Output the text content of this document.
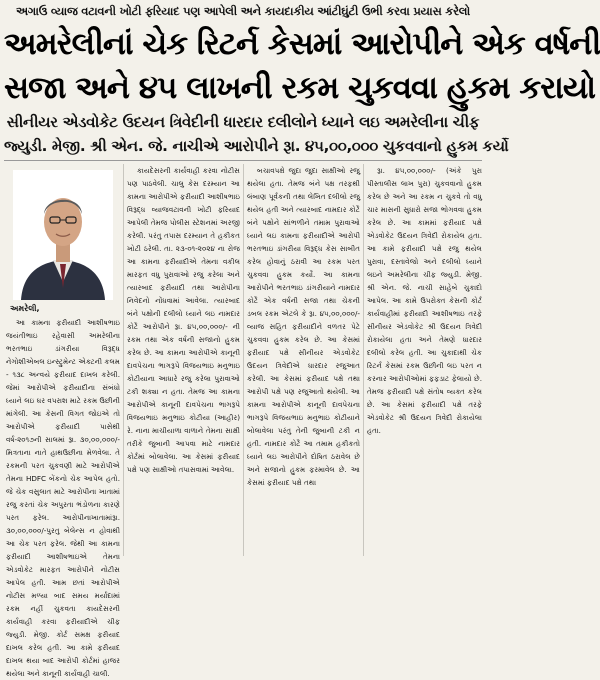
અગાઉ વ્યાજ વટાવની ખોટી ફરિયાદ પણ આપેલી અને કાયદાકીય આંટીઘુંટી ઉભી કરવા પ્રયાસ કરેલો
અમરેલીનાં ચેક રિટર્ન કેસમાં આરોપીને એક વર્ષની
સજા અને ૪૫ લાખની રકમ ચુકવવા હુકમ કરાયો
સીનીયર એડવોકેટ ઉદયન ત્રિવેદીની ધારદાર દલીલોને ધ્યાને લઇ અમરેલીના ચીફ
જ્યુડી. મેજી. શ્રી એન. જે. નાચીએ આરોપીને રૂા. ૪૫,૦૦,૦૦૦ ચુકવવાનો હુકમ કર્યો
અમરેલી,

આ કામના ફરીયાદી આશીષભાઇ જયંતીભાઇ રહેવાસી અમરેલીના ભરતભાઇ ડાંગરીયા વિરૂદ્ધ નેગોશીએબલ ઇન્સ્ટ્રુમેન્ટ એક્ટની કલમ - ૧૩૮ અન્વયે ફરીયાદ દાખલ કરેલી. જેમાં આરોપીએ ફરીયાદીના સંબંધો ધ્યાને લઇ ઘર વપરાશ માટે રકમ ઉછીની માંગેલી. આ કેસની વિગત જોઇએ તો આરોપીએ ફરીયાદી પાસેથી વર્ષ-૨૦૧૭ની સાલમાં રૂા. ૩૦,૦૦,૦૦૦/- મિત્રતાના નાતે હાથઉછીના મેળવેલા. તે રકમની પરત ચુકવણી માટે આરોપીએ તેમના HDFC બેંકનો ચેક આપેલ હતો. જે ચેક વસુલાત માટે આરોપીના ખાતામાં રજુ કરતાં ચેક અપુરતા ભંડોળના કારણે પરત ફરેલ. આરોપીનાખાતામાંરૂા. ૩૦,૦૦,૦૦૦/-પુરતુ બેલેન્સ ન હોવાથી આ ચેક પરત ફરેલ. જેથી આ કામના ફરીયાદી આશીષભાઇએ તેમના એડવોકેટ મારફત આરોપીને નોટીસ આપેલ હતી. આમ છતાં આરોપીએ નોટીસ મળ્યા બાદ સમય મર્યાદામાં રકમ નહીં ચુકવતા કાયદેસરની કાર્યવાહી કરવા ફરીયાદીએ ચીફ જ્યુડી. મેજી. કોર્ટ સમક્ષ ફરીયાદ દાખલ કરેલ હતી. આ કામે ફરીયાદ દાખલ થયા બાદ આરોપી કોર્ટમાં હાજર થયેલા અને કાનૂની કાર્યવાહી ચાલી.

કાયદેસરની કાર્યવાહી કરવા નોટીસ પણ પાઠવેલી. ચાલુ કેસ દરમ્યાન આ કામના આરોપીએ ફરીયાદી આશીષભાઇ વિરૂદ્ધ વ્યાજવટાવની ખોટી ફરિયાદ આપેલી તેમજ પોલીસ સ્ટેશનમાં અરજી કરેલી. પરંતુ તપાસ દરમ્યાન તે હકીકત ખોટી ઠરેલી. તા. ૨૩-૦૧-૨૦૨૪ ના રોજ આ કામના ફરીયાદીએ તેમના વકીલ મારફત વધુ પુરાવાઓ રજુ કરેલા અને ત્યારબાદ ફરીયાદી તથા આરોપીના નિવેદનો નોંધવામાં આવેલા. ત્યારબાદ બંને પક્ષોની દલીલો ધ્યાને લઇ નામદાર કોર્ટે આરોપીને રૂા. ૪૫,૦૦,૦૦૦/- ની રકમ તથા એક વર્ષની સજાનો હુકમ કરેલ છે. આ કામના આરોપીએ કાનૂની દાવપેચના ભાગરૂપે વિજયભાઇ મનુભાઇ કોટીયાના આધારે રજુ કરેલા પુરાવાઓ ટકી શક્યા ન હતા. તેમજ આ કામના આરોપીએ કાનૂની દાવપેચના ભાગરૂપે વિજયભાઇ મનુભાઇ કોટીયા (આહીર) રે. નાના માચીયાળા વાળાને તેમના સાક્ષી તરીકે જુબાની આપવા માટે નામદાર કોર્ટમાં બોલાવેલા. આ કેસમાં ફરીયાદ પક્ષે પણ સાક્ષીઓ તપાસવામાં આવેલા.

બચાવપક્ષે જુદા જુદા સાક્ષીઓ રજુ થયેલા હતા. તેમજ બંને પક્ષ તરફથી લંબાણ પૂર્વકની તથા લેખિત દલીલો રજુ થયેલ હતી અને ત્યારબાદ નામદાર કોર્ટે બંને પક્ષોને સાંભળીને તમામ પુરાવાઓ ધ્યાને લઇ કામના ફરીયાદીએ આરોપી ભરતભાઇ ડાંગરીયા વિરૂદ્ધ કેસ સાબીત કરેલ હોવાનું ઠરાવી આ રકમ પરત ચુકવવા હુકમ કર્યો. આ કામના આરોપીને ભરતભાઇ ડાંગરીયાને નામદાર કોર્ટે એક વર્ષની સજા તથા ચેકની ડબલ રકમ એટલે કે રૂા. ૪૫,૦૦,૦૦૦/- વ્યાજ સહિત ફરીયાદીને વળતર પેટે ચુકવવા હુકમ કરેલ છે. આ કેસમાં ફરીયાદ પક્ષે સીનીયર એડવોકેટ ઉદયન ત્રિવેદીએ ધારદાર રજુઆત કરેલી. આ કેસમાં ફરીયાદ પક્ષે તથા આરોપી પક્ષે પણ રજુઆતો થયેલી. આ કામના આરોપીએ કાનૂની દાવપેચના ભાગરૂપે વિજયભાઇ મનુભાઇ કોટીયાને બોલાવેલા પરંતુ તેની જુબાની ટકી ન હતી. નામદાર કોર્ટે આ તમામ હકીકતો ધ્યાને લઇ આરોપીને દોષિત ઠરાવેલ છે અને સજાનો હુકમ ફરમાવેલ છે. આ કેસમાં ફરીયાદ પક્ષે તથા

રૂા. ૪૫,૦૦,૦૦૦/- (અંકે પુરા પીસ્તાલીસ લાખ પુરા) ચુકવવાનો હુકમ કરેલ છે અને આ રકમ ન ચુકવે તો વધુ ચાર માસની સુધારો સજા ભોગવવા હુકમ કરેલ છે. આ કામમાં ફરીયાદ પક્ષે એડવોકેટ ઉદયન ત્રિવેદી રોકાયેલ હતા. આ કામે ફરીયાદી પક્ષે રજુ થયેલ પુરાવા, દસ્તાવેજો અને દલીલો ધ્યાને લઇને અમરેલીના ચીફ જ્યુડી. મેજી. શ્રી એન. જે. નાચી સાહેબે ચુકાદો આપેલ. આ કામે ઉપરોક્ત કેસની કોર્ટ કાર્યવાહીમાં ફરીયાદી આશીષભાઇ તરફે સીનીયર એડવોકેટ શ્રી ઉદયન ત્રિવેદી રોકાયેલા હતા અને તેમણે ધારદાર દલીલો કરેલ હતી. આ ચુકાદાથી ચેક રિટર્ન કેસમાં રકમ ઉછીની લઇ પરત ન કરનાર આરોપીઓમાં ફફડાટ ફેલાયો છે. તેમજ ફરીયાદી પક્ષે સંતોષ વ્યક્ત કરેલ છે. આ કેસમાં ફરીયાદી પક્ષે તરફે એડવોકેટ શ્રી ઉદયન ત્રિવેદી રોકાયેલા હતા.
